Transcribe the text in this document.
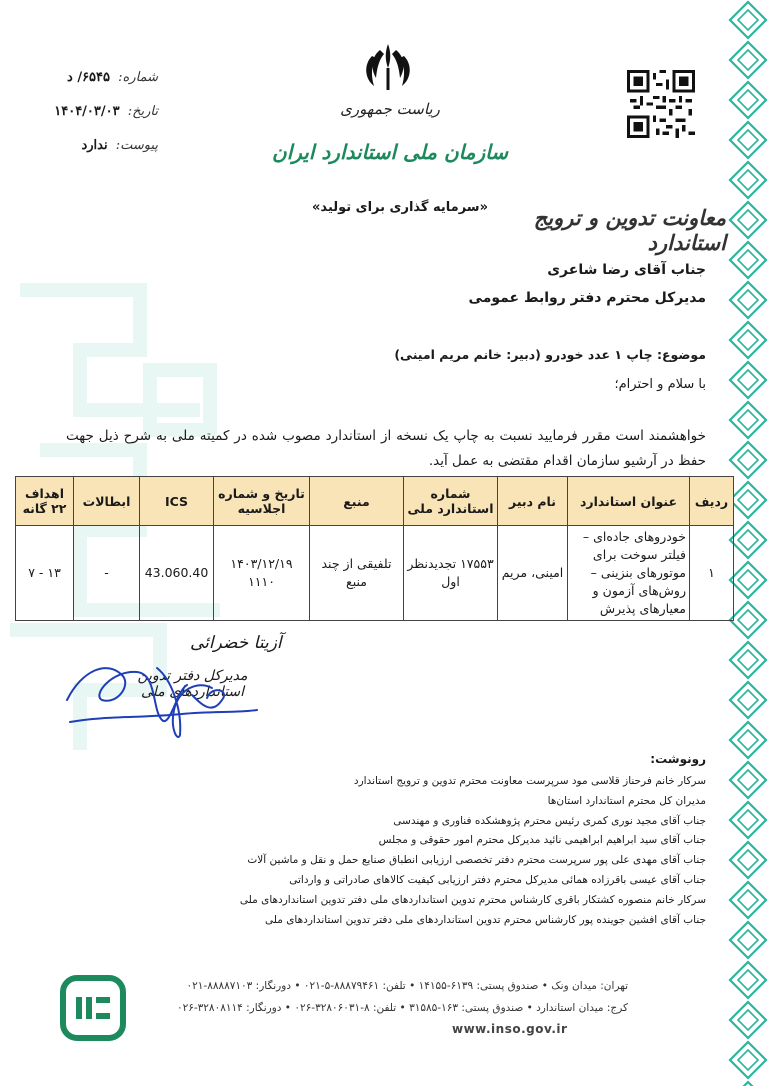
شماره: ۶۵۴۵/ د
تاریخ: ۱۴۰۴/۰۳/۰۳
پیوست: ندارد
ریاست جمهوری
سازمان ملی استاندارد ایران
«سرمایه گذاری برای تولید»	معاونت تدوین و ترویج استاندارد
جناب آقای رضا شاعری
مدیرکل محترم دفتر روابط عمومی
موضوع: چاپ ۱ عدد خودرو (دبیر: خانم مریم امینی)
با سلام و احترام؛
خواهشمند است مقرر فرمایید نسبت به چاپ یک نسخه از استاندارد مصوب شده در کمیته ملی به شرح ذیل جهت حفظ در آرشیو سازمان اقدام مقتضی به عمل آید.
ردیف	عنوان استاندارد	نام دبیر	شماره استاندارد ملی	منبع	تاریخ و شماره اجلاسیه	ICS	ابطالات	اهداف ۲۲ گانه
۱	خودروهای جاده‌ای – فیلتر سوخت برای موتورهای بنزینی – روش‌های آزمون و معیارهای پذیرش	امینی، مریم	۱۷۵۵۳ تجدیدنظر اول	تلفیقی از چند منبع	۱۴۰۳/۱۲/۱۹ ۱۱۱۰	43.060.40	-	۱۳ - ۷
آزیتا خضرائی
مدیرکل دفتر تدوین استانداردهای ملی
رونوشت:
سرکار خانم فرحناز قلاسی مود سرپرست معاونت محترم تدوین و ترویج استاندارد
مدیران کل محترم استاندارد استان‌ها
جناب آقای مجید نوری کمری رئیس محترم پژوهشکده فناوری و مهندسی
جناب آقای سید ابراهیم ابراهیمی نائید مدیرکل محترم امور حقوقی و مجلس
جناب آقای مهدی علی پور سرپرست محترم دفتر تخصصی ارزیابی انطباق صنایع حمل و نقل و ماشین آلات
جناب آقای عیسی باقرزاده همائی مدیرکل محترم دفتر ارزیابی کیفیت کالاهای صادراتی و وارداتی
سرکار خانم منصوره کشتکار باقری کارشناس محترم تدوین استانداردهای ملی دفتر تدوین استانداردهای ملی
جناب آقای افشین جوینده پور کارشناس محترم تدوین استانداردهای ملی دفتر تدوین استانداردهای ملی
تهران: میدان ونک • صندوق پستی: ۶۱۳۹-۱۴۱۵۵ • تلفن: ۸۸۸۷۹۴۶۱-۵-۰۲۱ • دورنگار: ۸۸۸۸۷۱۰۳-۰۲۱
کرج: میدان استاندارد • صندوق پستی: ۱۶۳-۳۱۵۸۵ • تلفن: ۸-۳۲۸۰۶۰۳۱-۰۲۶ • دورنگار: ۳۲۸۰۸۱۱۴-۰۲۶
www.inso.gov.ir
